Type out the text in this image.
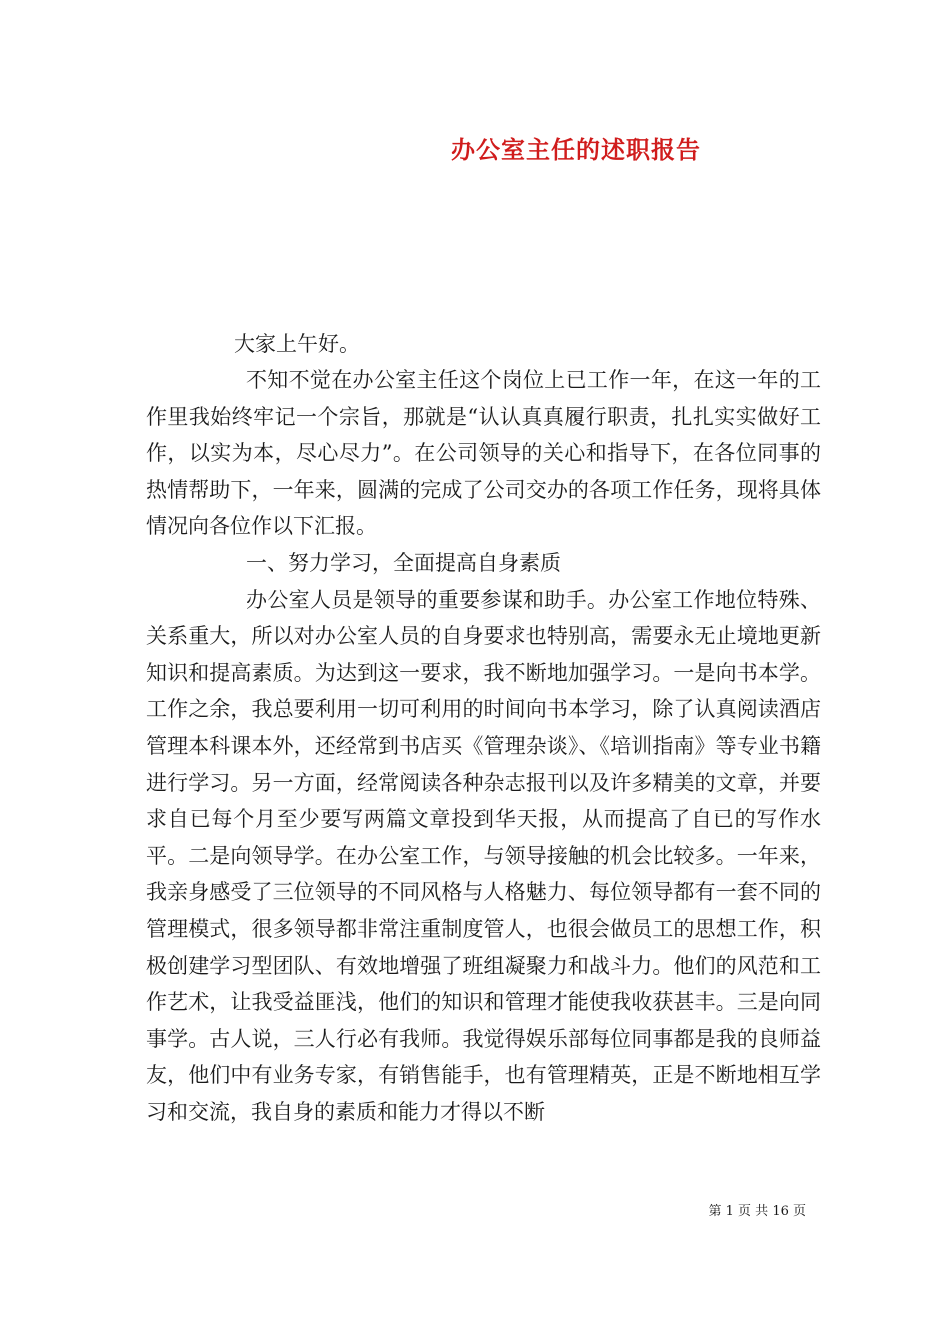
办公室主任的述职报告
大家上午好。

不知不觉在办公室主任这个岗位上已工作一年，在这一年的工作里我始终牢记一个宗旨，那就是“认认真真履行职责，扎扎实实做好工作，以实为本，尽心尽力”。在公司领导的关心和指导下，在各位同事的热情帮助下，一年来，圆满的完成了公司交办的各项工作任务，现将具体情况向各位作以下汇报。

一、努力学习，全面提高自身素质

办公室人员是领导的重要参谋和助手。办公室工作地位特殊、关系重大，所以对办公室人员的自身要求也特别高，需要永无止境地更新知识和提高素质。为达到这一要求，我不断地加强学习。一是向书本学。工作之余，我总要利用一切可利用的时间向书本学习，除了认真阅读酒店管理本科课本外，还经常到书店买《管理杂谈》、《培训指南》等专业书籍进行学习。另一方面，经常阅读各种杂志报刊以及许多精美的文章，并要求自已每个月至少要写两篇文章投到华天报，从而提高了自已的写作水平。二是向领导学。在办公室工作，与领导接触的机会比较多。一年来，我亲身感受了三位领导的不同风格与人格魅力、每位领导都有一套不同的管理模式，很多领导都非常注重制度管人，也很会做员工的思想工作，积极创建学习型团队、有效地增强了班组凝聚力和战斗力。他们的风范和工作艺术，让我受益匪浅，他们的知识和管理才能使我收获甚丰。三是向同事学。古人说，三人行必有我师。我觉得娱乐部每位同事都是我的良师益友，他们中有业务专家，有销售能手，也有管理精英，正是不断地相互学习和交流，我自身的素质和能力才得以不断

第 1 页 共 16 页
